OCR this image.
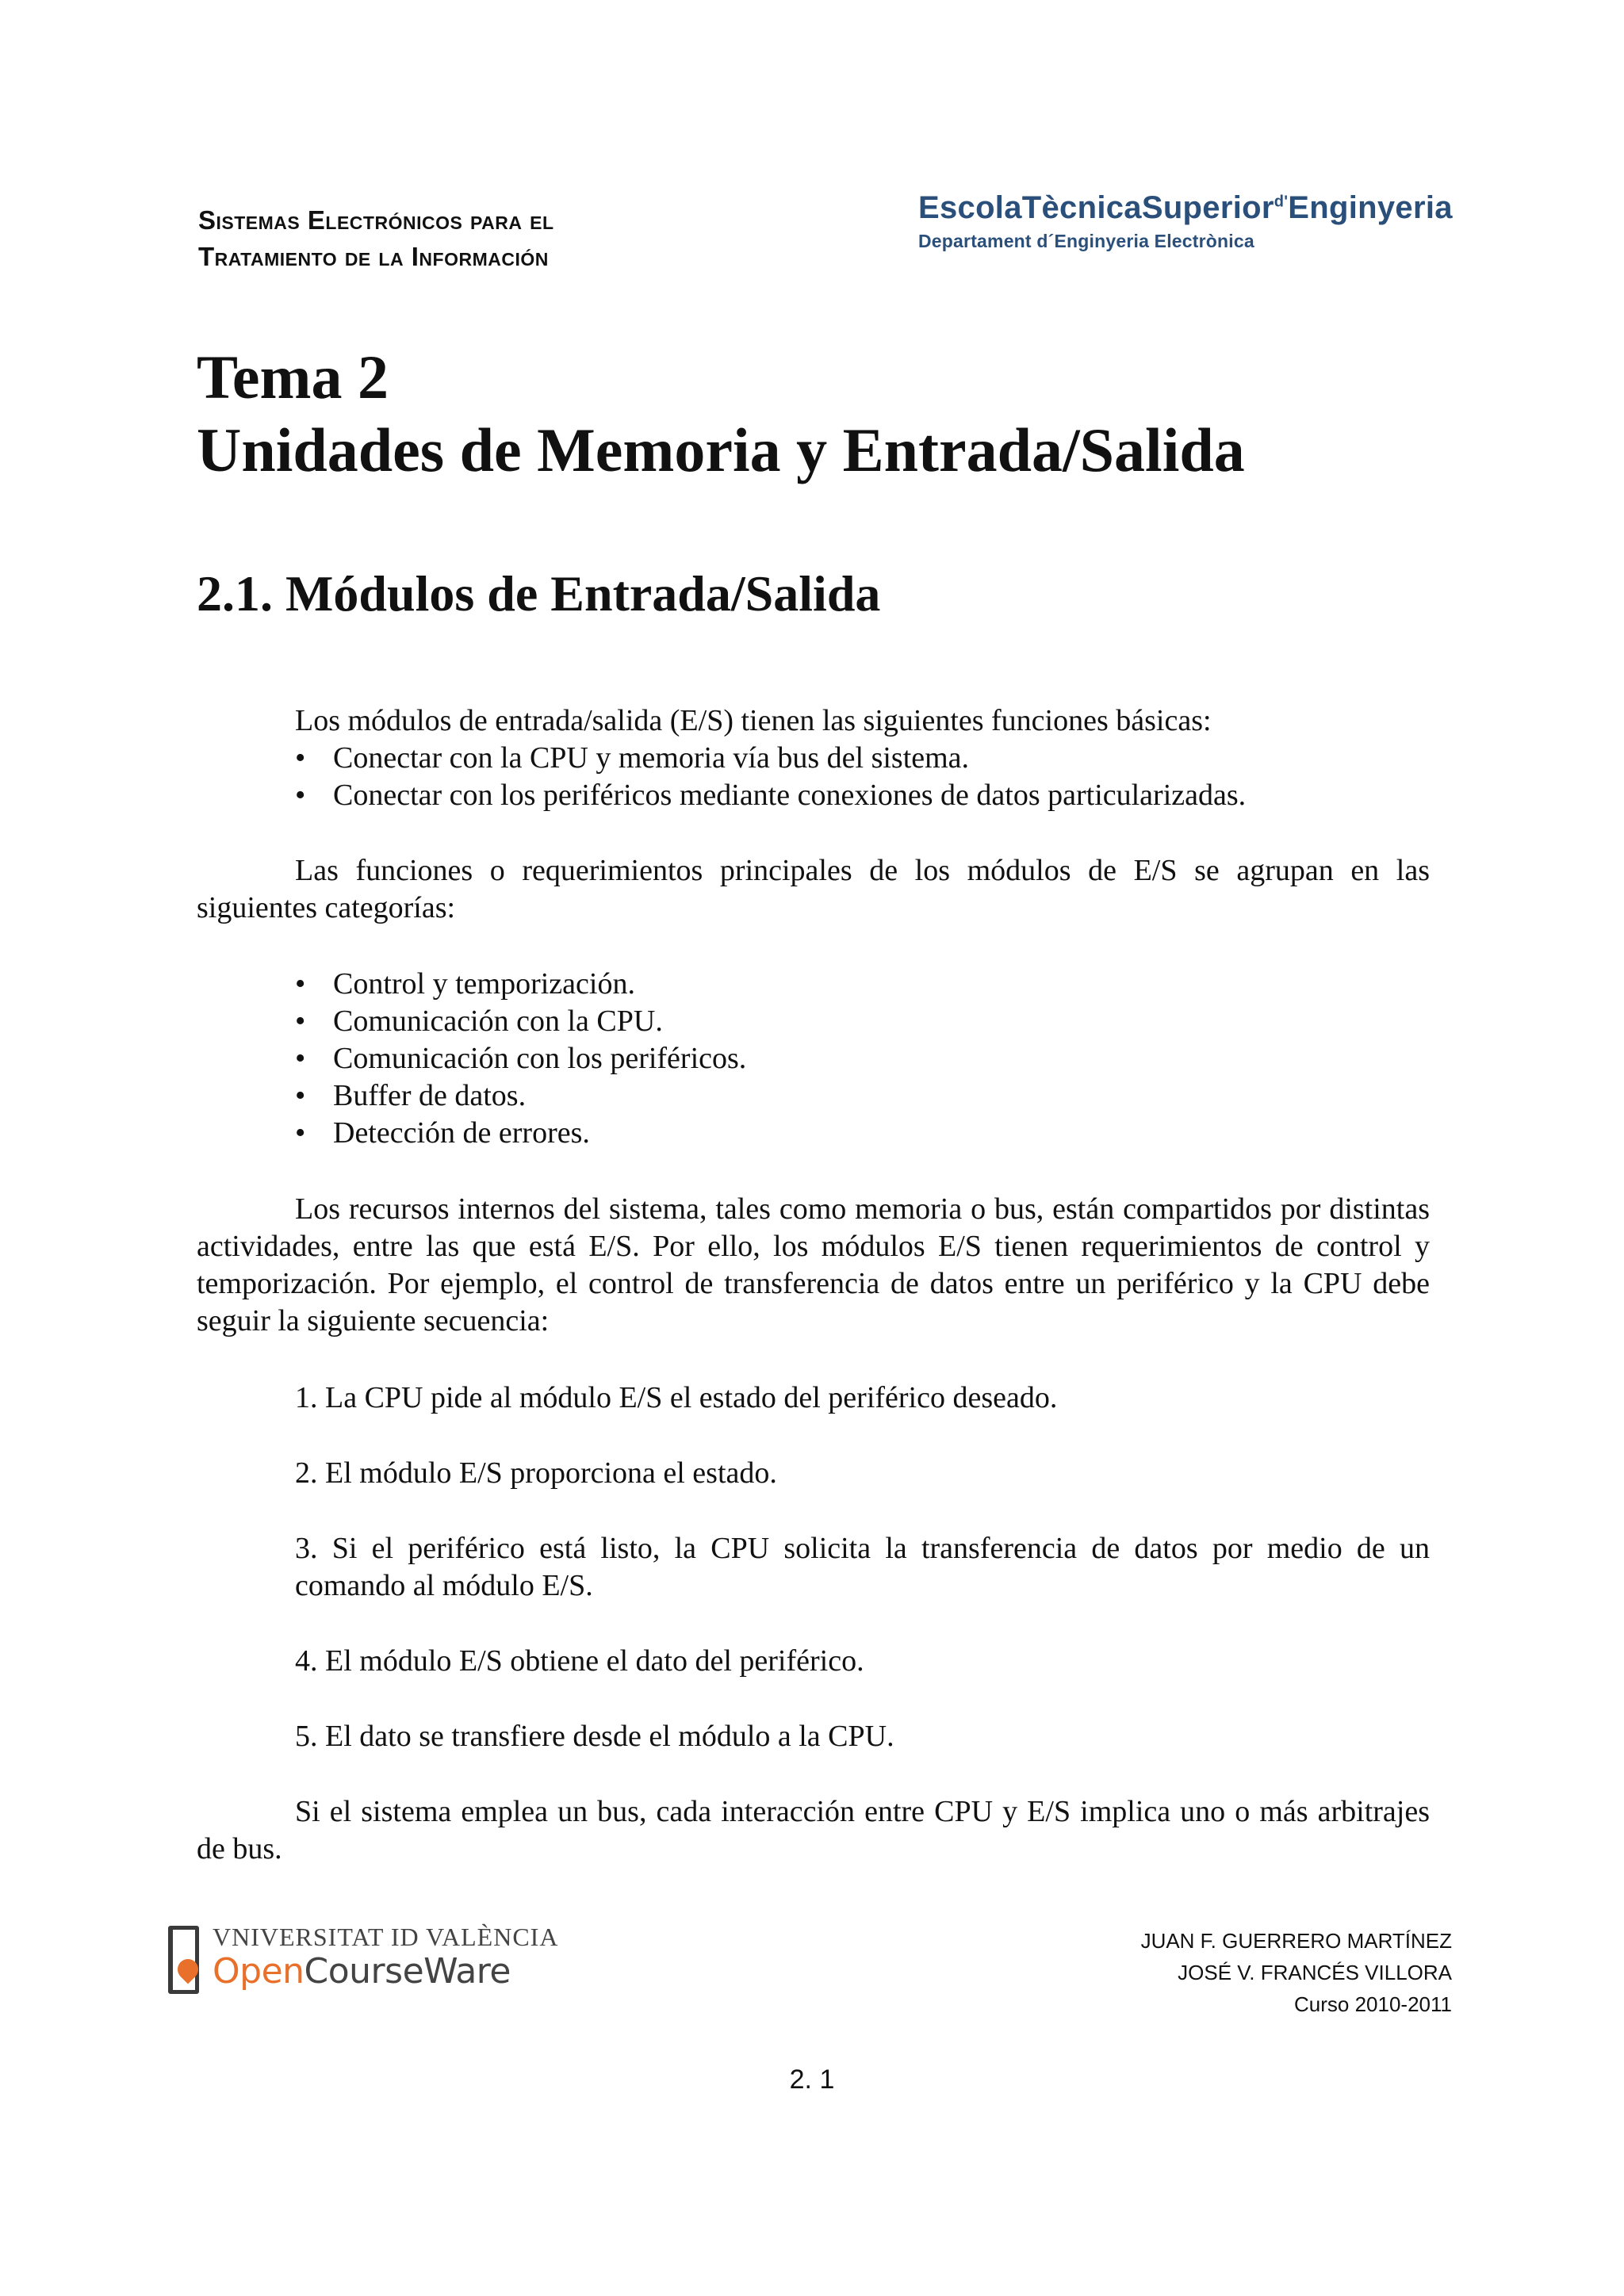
Sistemas Electrónicos para el
Tratamiento de la Información
EscolaTècnicaSuperior$^{d'}$Enginyeria
Departament d´Enginyeria Electrònica
Tema 2
Unidades de Memoria y Entrada/Salida
2.1. Módulos de Entrada/Salida

Los módulos de entrada/salida (E/S) tienen las siguientes funciones básicas:

• Conectar con la CPU y memoria vía bus del sistema.
• Conectar con los periféricos mediante conexiones de datos particularizadas.

Las funciones o requerimientos principales de los módulos de E/S se agrupan en las siguientes categorías:

• Control y temporización.
• Comunicación con la CPU.
• Comunicación con los periféricos.
• Buffer de datos.
• Detección de errores.

Los recursos internos del sistema, tales como memoria o bus, están compartidos por distintas actividades, entre las que está E/S. Por ello, los módulos E/S tienen requerimientos de control y temporización. Por ejemplo, el control de transferencia de datos entre un periférico y la CPU debe seguir la siguiente secuencia:

1. La CPU pide al módulo E/S el estado del periférico deseado.

2. El módulo E/S proporciona el estado.

3. Si el periférico está listo, la CPU solicita la transferencia de datos por medio de un comando al módulo E/S.

4. El módulo E/S obtiene el dato del periférico.

5. El dato se transfiere desde el módulo a la CPU.

Si el sistema emplea un bus, cada interacción entre CPU y E/S implica uno o más arbitrajes de bus.

VNIVERSITAT ID VALÈNCIA
OpenCourseWare
JUAN F. GUERRERO MARTÍNEZ
JOSÉ V. FRANCÉS VILLORA
Curso 2010-2011
2. 1
